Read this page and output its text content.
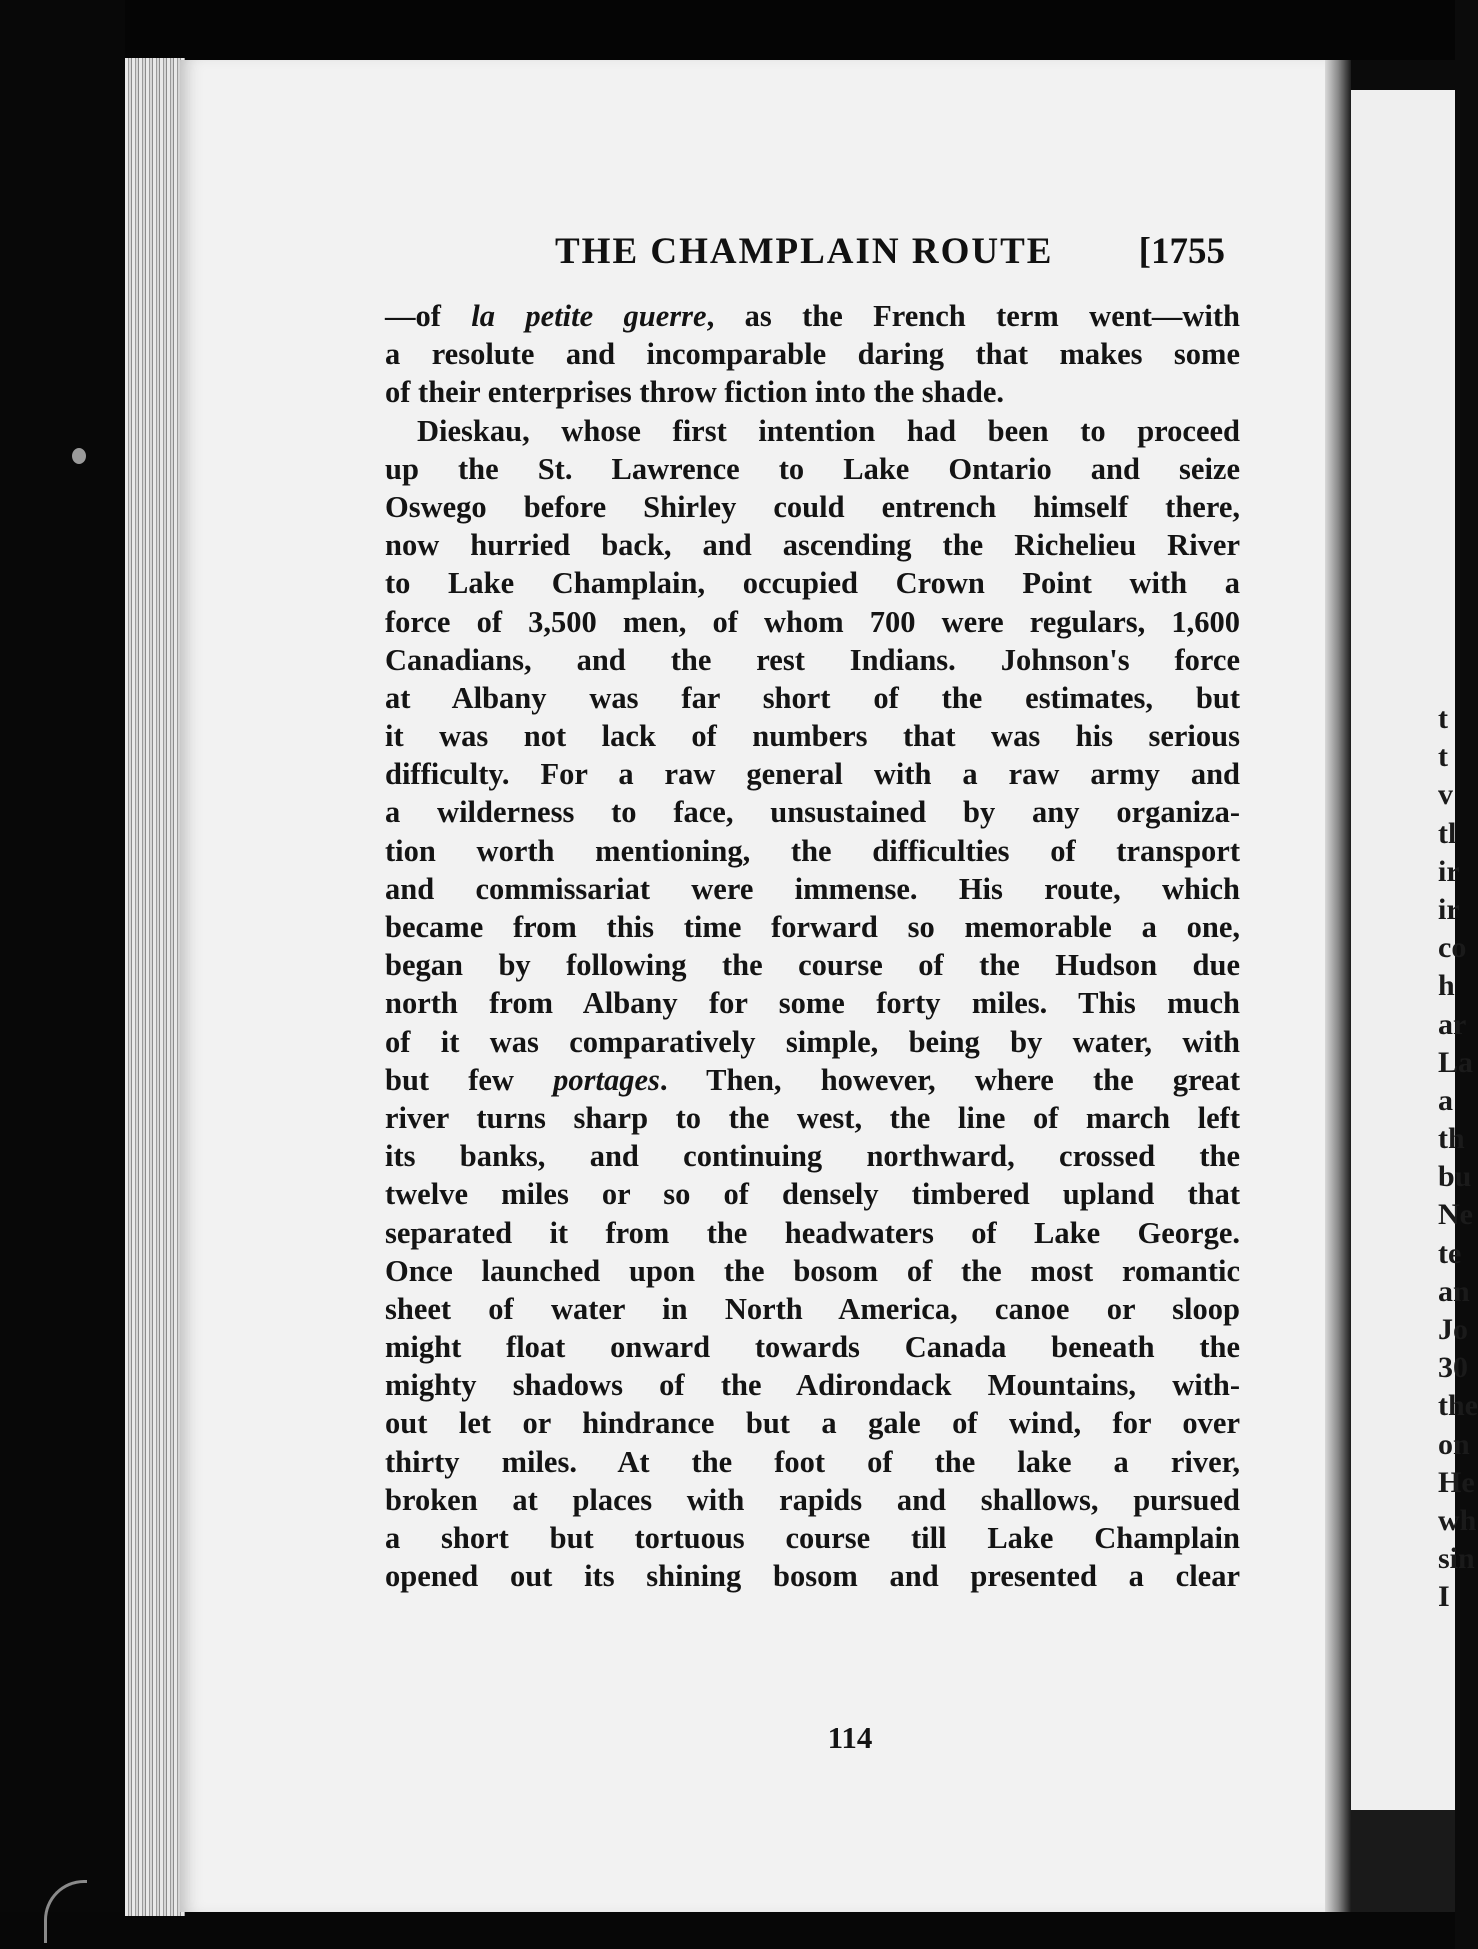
THE CHAMPLAIN ROUTE [1755
—of la petite guerre, as the French term went—with
a resolute and incomparable daring that makes some
of their enterprises throw fiction into the shade.
Dieskau, whose first intention had been to proceed
up the St. Lawrence to Lake Ontario and seize
Oswego before Shirley could entrench himself there,
now hurried back, and ascending the Richelieu River
to Lake Champlain, occupied Crown Point with a
force of 3,500 men, of whom 700 were regulars, 1,600
Canadians, and the rest Indians. Johnson's force
at Albany was far short of the estimates, but
it was not lack of numbers that was his serious
difficulty. For a raw general with a raw army and
a wilderness to face, unsustained by any organiza-
tion worth mentioning, the difficulties of transport
and commissariat were immense. His route, which
became from this time forward so memorable a one,
began by following the course of the Hudson due
north from Albany for some forty miles. This much
of it was comparatively simple, being by water, with
but few portages. Then, however, where the great
river turns sharp to the west, the line of march left
its banks, and continuing northward, crossed the
twelve miles or so of densely timbered upland that
separated it from the headwaters of Lake George.
Once launched upon the bosom of the most romantic
sheet of water in North America, canoe or sloop
might float onward towards Canada beneath the
mighty shadows of the Adirondack Mountains, with-
out let or hindrance but a gale of wind, for over
thirty miles. At the foot of the lake a river,
broken at places with rapids and shallows, pursued
a short but tortuous course till Lake Champlain
opened out its shining bosom and presented a clear
114
t
t
v
tl
ir
ir
co
h
ar
La
a
th
bu
Ne
te
an
Jo
30
the
on
He
wh
sin
I
